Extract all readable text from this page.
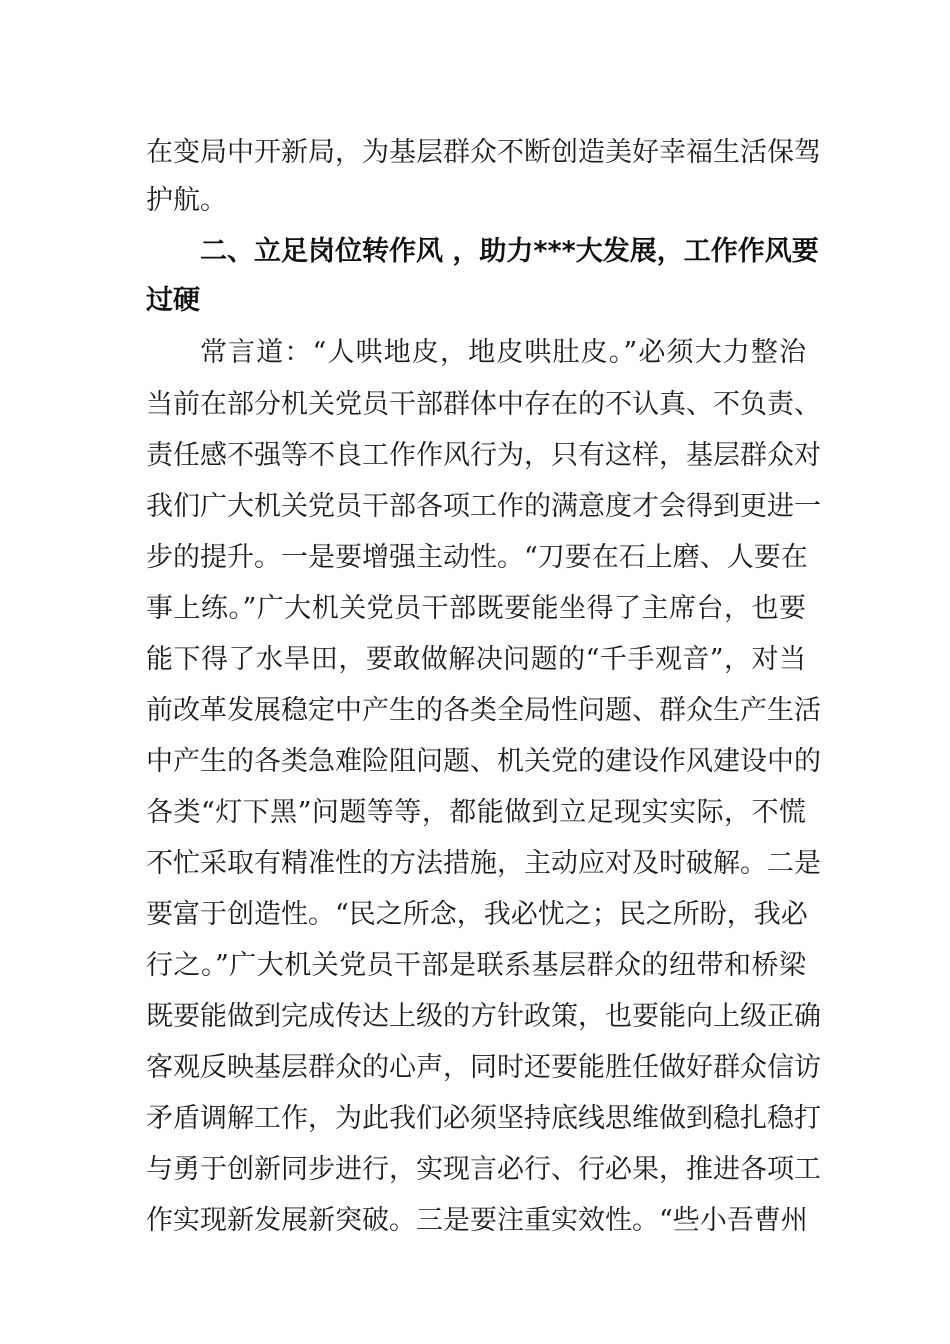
在变局中开新局，为基层群众不断创造美好幸福生活保驾
护航。
二、立足岗位转作风 ，助力***大发展，工作作风要
过硬
常言道：“人哄地皮，地皮哄肚皮。”必须大力整治
当前在部分机关党员干部群体中存在的不认真、不负责、
责任感不强等不良工作作风行为，只有这样，基层群众对
我们广大机关党员干部各项工作的满意度才会得到更进一
步的提升。一是要增强主动性。“刀要在石上磨、人要在
事上练。”广大机关党员干部既要能坐得了主席台，也要
能下得了水旱田，要敢做解决问题的“千手观音”，对当
前改革发展稳定中产生的各类全局性问题、群众生产生活
中产生的各类急难险阻问题、机关党的建设作风建设中的
各类“灯下黑”问题等等，都能做到立足现实实际，不慌
不忙采取有精准性的方法措施，主动应对及时破解。二是
要富于创造性。“民之所念，我必忧之；民之所盼，我必
行之。”广大机关党员干部是联系基层群众的纽带和桥梁
既要能做到完成传达上级的方针政策，也要能向上级正确
客观反映基层群众的心声，同时还要能胜任做好群众信访
矛盾调解工作，为此我们必须坚持底线思维做到稳扎稳打
与勇于创新同步进行，实现言必行、行必果，推进各项工
作实现新发展新突破。三是要注重实效性。“些小吾曹州
